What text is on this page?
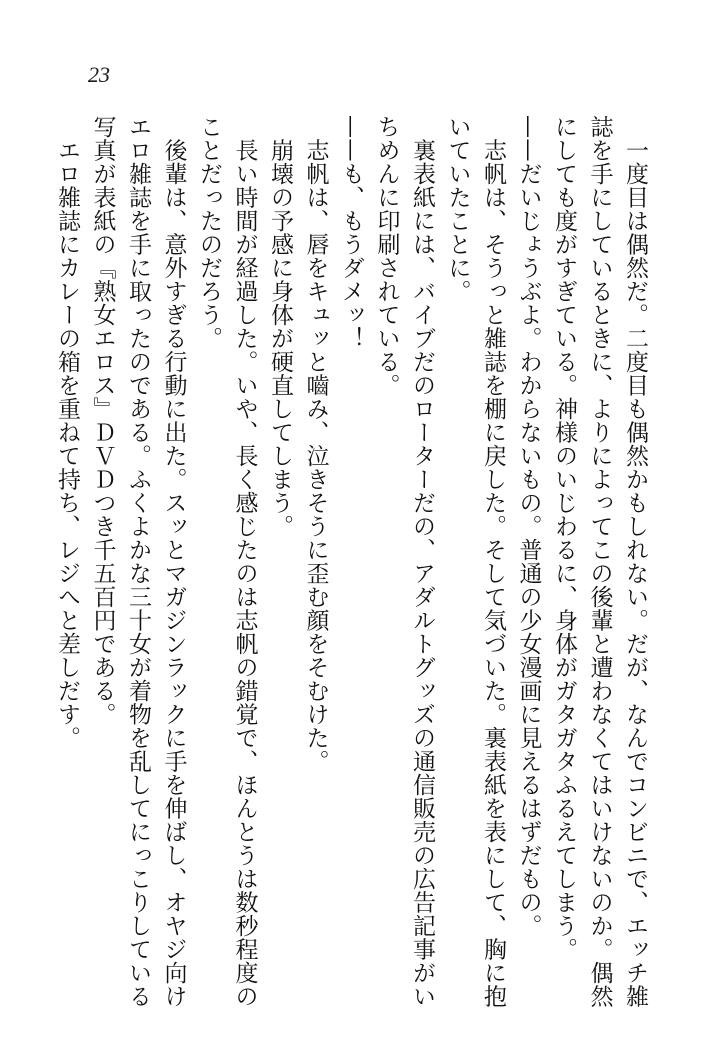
23
　一度目は偶然だ。二度目も偶然かもしれない。だが、なんでコンビニで、エッチ雑
誌を手にしているときに、よりによってこの後輩と遭わなくてはいけないのか。偶然
にしても度がすぎている。神様のいじわるに、身体がガタガタふるえてしまう。
——だいじょうぶよ。わからないもの。普通の少女漫画に見えるはずだもの。
　志帆は、そうっと雑誌を棚に戻した。そして気づいた。裏表紙を表にして、胸に抱
いていたことに。
　裏表紙には、バイブだのローターだの、アダルトグッズの通信販売の広告記事がい
ちめんに印刷されている。
——も、もうダメッ！
　志帆は、唇をキュッと嚙み、泣きそうに歪む顔をそむけた。
　崩壊の予感に身体が硬直してしまう。
　長い時間が経過した。いや、長く感じたのは志帆の錯覚で、ほんとうは数秒程度の
ことだったのだろう。
　後輩は、意外すぎる行動に出た。スッとマガジンラックに手を伸ばし、オヤジ向け
エロ雑誌を手に取ったのである。ふくよかな三十女が着物を乱してにっこりしている
写真が表紙の『熟女エロス』ＤＶＤつき千五百円である。
　エロ雑誌にカレーの箱を重ねて持ち、レジへと差しだす。
